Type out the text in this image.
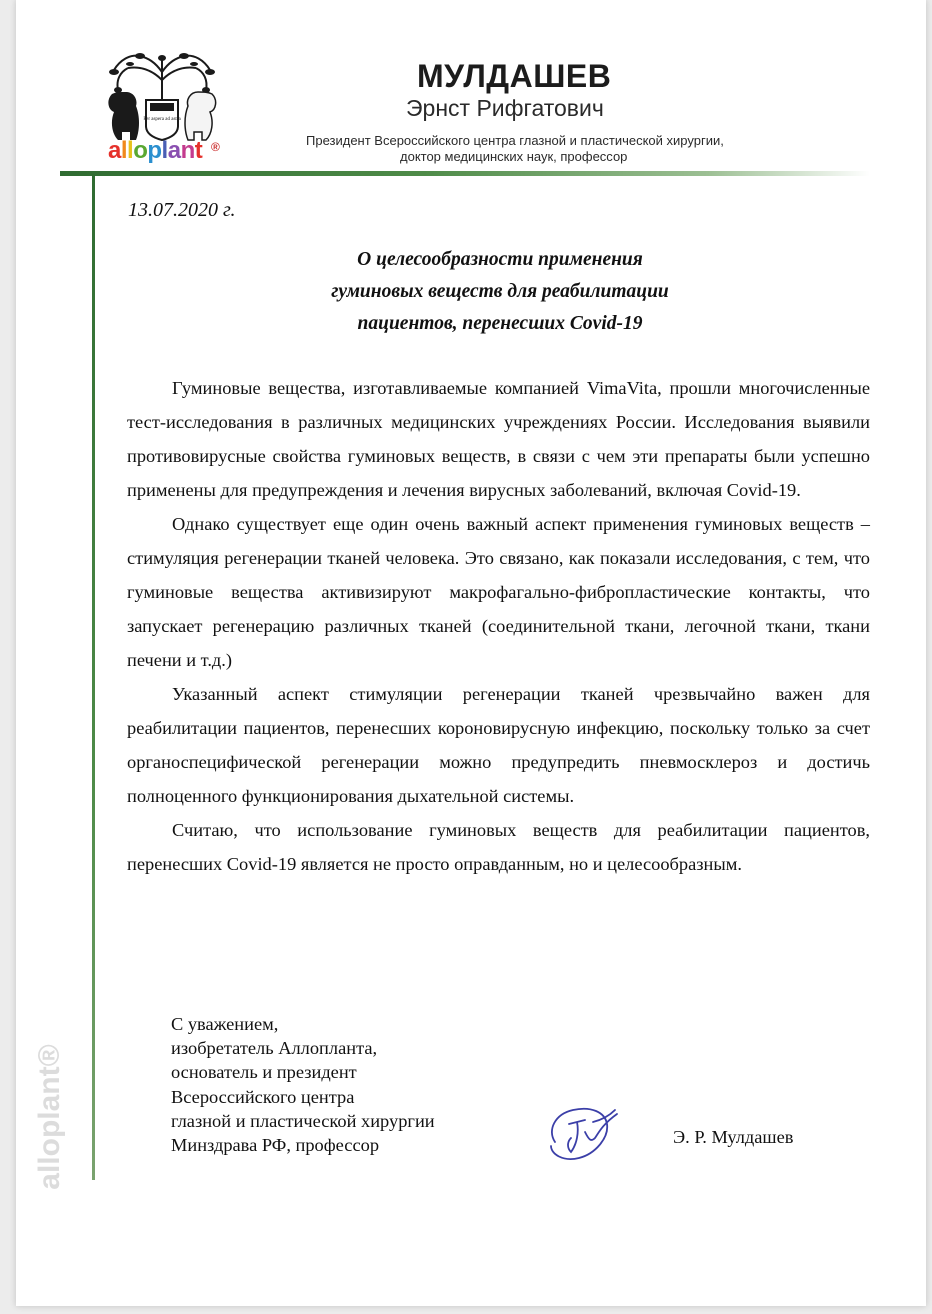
Per aspera ad astra
alloplant ®
МУЛДАШЕВ
Эрнст Рифгатович
Президент Всероссийского центра глазной и пластической хирургии,
доктор медицинских наук, профессор
alloplant®
13.07.2020 г.
О целесообразности применения
гуминовых веществ для реабилитации
пациентов, перенесших Covid-19

Гуминовые вещества, изготавливаемые компанией VimaVita, прошли многочисленные тест-исследования в различных медицинских учреждениях России. Исследования выявили противовирусные свойства гуминовых веществ, в связи с чем эти препараты были успешно применены для предупреждения и лечения вирусных заболеваний, включая Covid-19.

Однако существует еще один очень важный аспект применения гуминовых веществ – стимуляция регенерации тканей человека. Это связано, как показали исследования, с тем, что гуминовые вещества активизируют макрофагально-фибропластические контакты, что запускает регенерацию различных тканей (соединительной ткани, легочной ткани, ткани печени и т.д.)

Указанный аспект стимуляции регенерации тканей чрезвычайно важен для реабилитации пациентов, перенесших короновирусную инфекцию, поскольку только за счет органоспецифической регенерации можно предупредить пневмосклероз и достичь полноценного функционирования дыхательной системы.

Считаю, что использование гуминовых веществ для реабилитации пациентов, перенесших Covid-19 является не просто оправданным, но и целесообразным.

С уважением,
изобретатель Аллопланта,
основатель и президент
Всероссийского центра
глазной и пластической хирургии
Минздрава РФ, профессор	Э. Р. Мулдашев
